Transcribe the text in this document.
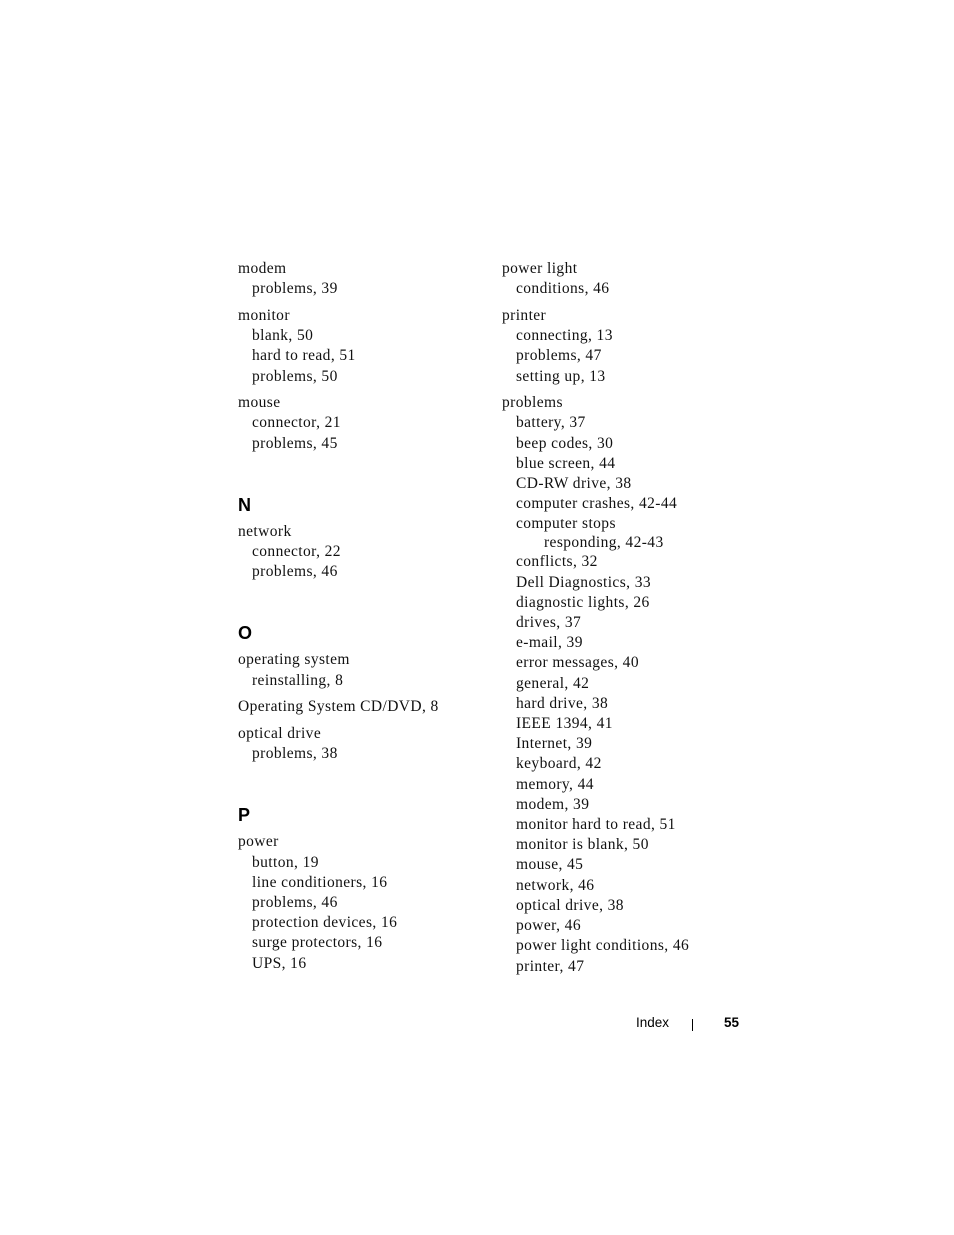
modem
problems, 39
monitor
blank, 50
hard to read, 51
problems, 50
mouse
connector, 21
problems, 45
N
network
connector, 22
problems, 46
O
operating system
reinstalling, 8
Operating System CD/DVD, 8
optical drive
problems, 38
P
power
button, 19
line conditioners, 16
problems, 46
protection devices, 16
surge protectors, 16
UPS, 16
power light
conditions, 46
printer
connecting, 13
problems, 47
setting up, 13
problems
battery, 37
beep codes, 30
blue screen, 44
CD-RW drive, 38
computer crashes, 42-44
computer stops
responding, 42-43
conflicts, 32
Dell Diagnostics, 33
diagnostic lights, 26
drives, 37
e-mail, 39
error messages, 40
general, 42
hard drive, 38
IEEE 1394, 41
Internet, 39
keyboard, 42
memory, 44
modem, 39
monitor hard to read, 51
monitor is blank, 50
mouse, 45
network, 46
optical drive, 38
power, 46
power light conditions, 46
printer, 47
Index	55
